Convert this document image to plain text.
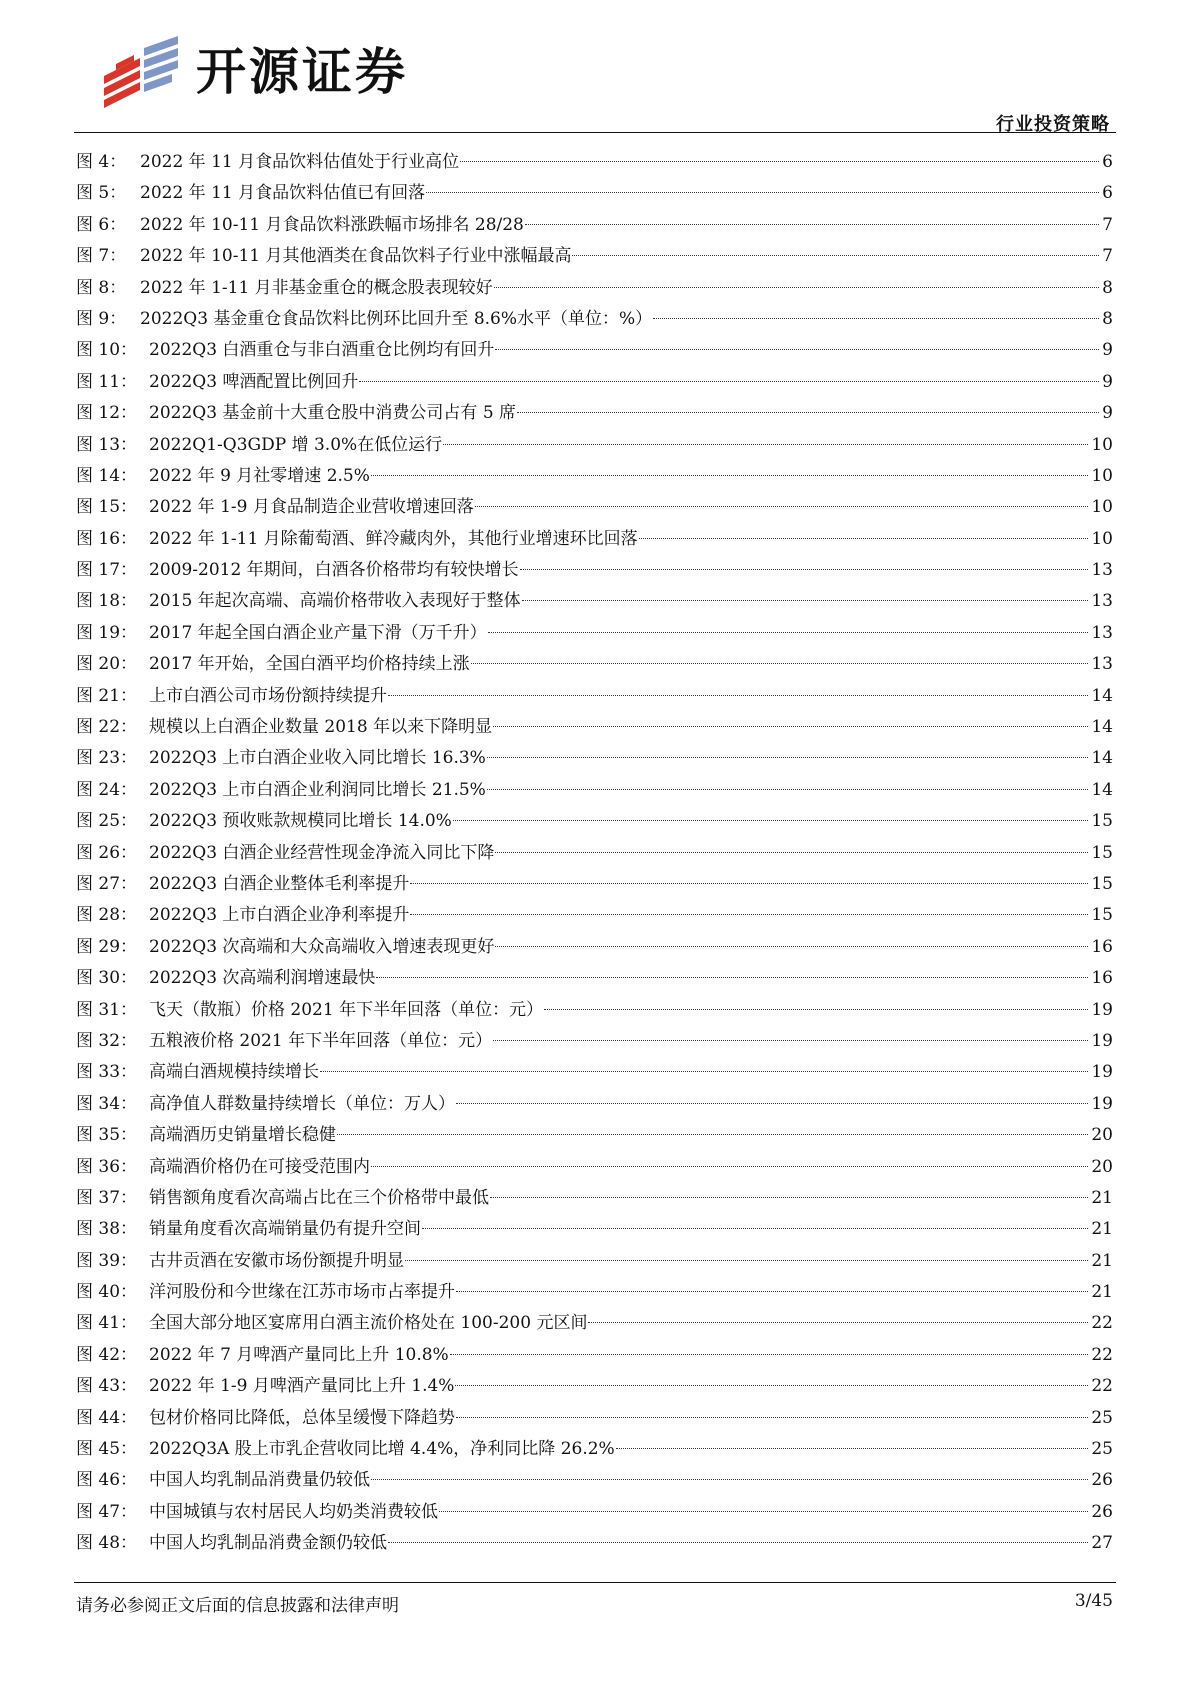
开源证券
行业投资策略
图 4： 2022 年 11 月食品饮料估值处于行业高位	6
图 5： 2022 年 11 月食品饮料估值已有回落	6
图 6： 2022 年 10-11 月食品饮料涨跌幅市场排名 28/28	7
图 7： 2022 年 10-11 月其他酒类在食品饮料子行业中涨幅最高	7
图 8： 2022 年 1-11 月非基金重仓的概念股表现较好	8
图 9： 2022Q3 基金重仓食品饮料比例环比回升至 8.6%水平（单位：%）	8
图 10： 2022Q3 白酒重仓与非白酒重仓比例均有回升	9
图 11： 2022Q3 啤酒配置比例回升	9
图 12： 2022Q3 基金前十大重仓股中消费公司占有 5 席	9
图 13： 2022Q1-Q3GDP 增 3.0%在低位运行	10
图 14： 2022 年 9 月社零增速 2.5%	10
图 15： 2022 年 1-9 月食品制造企业营收增速回落	10
图 16： 2022 年 1-11 月除葡萄酒、鲜冷藏肉外，其他行业增速环比回落	10
图 17： 2009-2012 年期间，白酒各价格带均有较快增长	13
图 18： 2015 年起次高端、高端价格带收入表现好于整体	13
图 19： 2017 年起全国白酒企业产量下滑（万千升）	13
图 20： 2017 年开始，全国白酒平均价格持续上涨	13
图 21： 上市白酒公司市场份额持续提升	14
图 22： 规模以上白酒企业数量 2018 年以来下降明显	14
图 23： 2022Q3 上市白酒企业收入同比增长 16.3%	14
图 24： 2022Q3 上市白酒企业利润同比增长 21.5%	14
图 25： 2022Q3 预收账款规模同比增长 14.0%	15
图 26： 2022Q3 白酒企业经营性现金净流入同比下降	15
图 27： 2022Q3 白酒企业整体毛利率提升	15
图 28： 2022Q3 上市白酒企业净利率提升	15
图 29： 2022Q3 次高端和大众高端收入增速表现更好	16
图 30： 2022Q3 次高端利润增速最快	16
图 31： 飞天（散瓶）价格 2021 年下半年回落（单位：元）	19
图 32： 五粮液价格 2021 年下半年回落（单位：元）	19
图 33： 高端白酒规模持续增长	19
图 34： 高净值人群数量持续增长（单位：万人）	19
图 35： 高端酒历史销量增长稳健	20
图 36： 高端酒价格仍在可接受范围内	20
图 37： 销售额角度看次高端占比在三个价格带中最低	21
图 38： 销量角度看次高端销量仍有提升空间	21
图 39： 古井贡酒在安徽市场份额提升明显	21
图 40： 洋河股份和今世缘在江苏市场市占率提升	21
图 41： 全国大部分地区宴席用白酒主流价格处在 100-200 元区间	22
图 42： 2022 年 7 月啤酒产量同比上升 10.8%	22
图 43： 2022 年 1-9 月啤酒产量同比上升 1.4%	22
图 44： 包材价格同比降低，总体呈缓慢下降趋势	25
图 45： 2022Q3A 股上市乳企营收同比增 4.4%，净利同比降 26.2%	25
图 46： 中国人均乳制品消费量仍较低	26
图 47： 中国城镇与农村居民人均奶类消费较低	26
图 48： 中国人均乳制品消费金额仍较低	27
请务必参阅正文后面的信息披露和法律声明	3/45
